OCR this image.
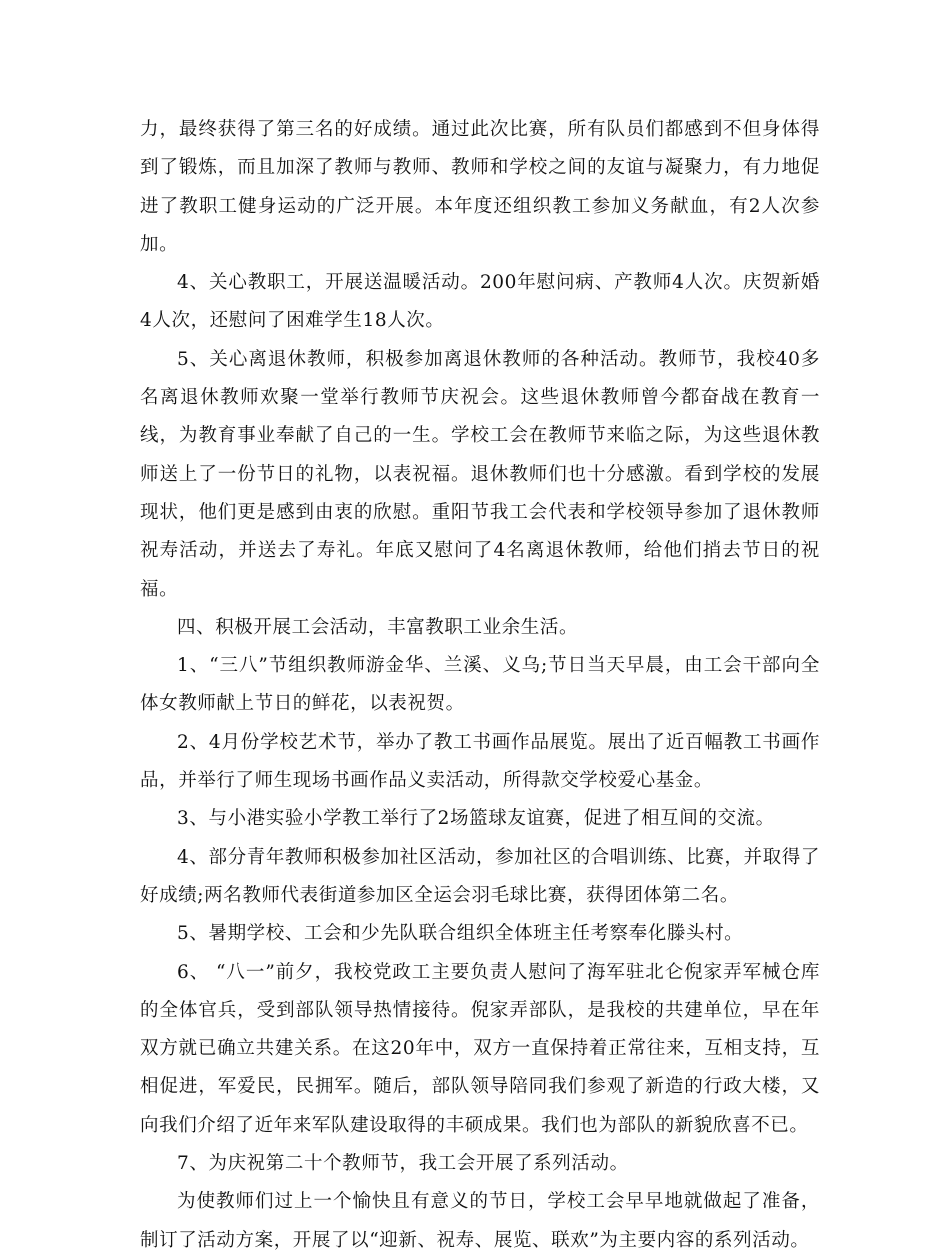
力，最终获得了第三名的好成绩。通过此次比赛，所有队员们都感到不但身体得到了锻炼，而且加深了教师与教师、教师和学校之间的友谊与凝聚力，有力地促进了教职工健身运动的广泛开展。本年度还组织教工参加义务献血，有2人次参加。

4、关心教职工，开展送温暖活动。200年慰问病、产教师4人次。庆贺新婚4人次，还慰问了困难学生18人次。

5、关心离退休教师，积极参加离退休教师的各种活动。教师节，我校40多名离退休教师欢聚一堂举行教师节庆祝会。这些退休教师曾今都奋战在教育一线，为教育事业奉献了自己的一生。学校工会在教师节来临之际，为这些退休教师送上了一份节日的礼物，以表祝福。退休教师们也十分感激。看到学校的发展现状，他们更是感到由衷的欣慰。重阳节我工会代表和学校领导参加了退休教师祝寿活动，并送去了寿礼。年底又慰问了4名离退休教师，给他们捎去节日的祝福。

四、积极开展工会活动，丰富教职工业余生活。

1、“三八”节组织教师游金华、兰溪、义乌;节日当天早晨，由工会干部向全体女教师献上节日的鲜花，以表祝贺。

2、4月份学校艺术节，举办了教工书画作品展览。展出了近百幅教工书画作品，并举行了师生现场书画作品义卖活动，所得款交学校爱心基金。

3、与小港实验小学教工举行了2场篮球友谊赛，促进了相互间的交流。

4、部分青年教师积极参加社区活动，参加社区的合唱训练、比赛，并取得了好成绩;两名教师代表街道参加区全运会羽毛球比赛，获得团体第二名。

5、暑期学校、工会和少先队联合组织全体班主任考察奉化滕头村。

6、 “八一”前夕，我校党政工主要负责人慰问了海军驻北仑倪家弄军械仓库的全体官兵，受到部队领导热情接待。倪家弄部队，是我校的共建单位，早在年双方就已确立共建关系。在这20年中，双方一直保持着正常往来，互相支持，互相促进，军爱民，民拥军。随后，部队领导陪同我们参观了新造的行政大楼，又向我们介绍了近年来军队建设取得的丰硕成果。我们也为部队的新貌欣喜不已。

7、为庆祝第二十个教师节，我工会开展了系列活动。

为使教师们过上一个愉快且有意义的节日，学校工会早早地就做起了准备，制订了活动方案，开展了以“迎新、祝寿、展览、联欢”为主要内容的系列活动。
